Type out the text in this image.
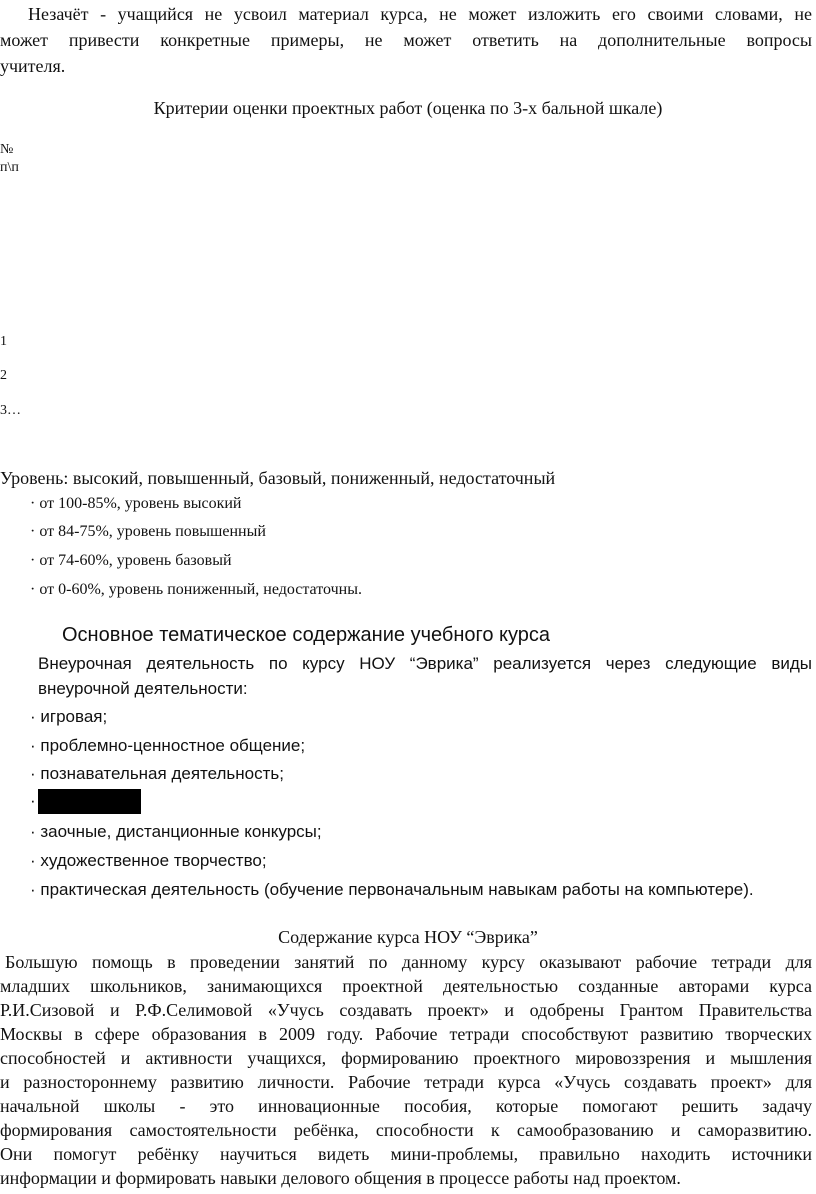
Незачёт - учащийся не усвоил материал курса, не может изложить его своими словами, не
может привести конкретные примеры, не может ответить на дополнительные вопросы
учителя.
Критерии оценки проектных работ (оценка по 3-х бальной шкале)
№
п\п
1
2
3…
Уровень: высокий, повышенный, базовый, пониженный, недостаточный
· от 100-85%, уровень высокий
· от 84-75%, уровень повышенный
· от 74-60%, уровень базовый
· от 0-60%, уровень пониженный, недостаточны.
Основное тематическое содержание учебного курса
Внеурочная деятельность по курсу НОУ “Эврика” реализуется через следующие виды
внеурочной деятельности:
· игровая;
· проблемно-ценностное общение;
· познавательная деятельность;
·
· заочные, дистанционные конкурсы;
· художественное творчество;
· практическая деятельность (обучение первоначальным навыкам работы на компьютере).
Содержание курса НОУ “Эврика”
Большую помощь в проведении занятий по данному курсу оказывают рабочие тетради для
младших школьников, занимающихся проектной деятельностью созданные авторами курса
Р.И.Сизовой и Р.Ф.Селимовой «Учусь создавать проект» и одобрены Грантом Правительства
Москвы в сфере образования в 2009 году. Рабочие тетради способствуют развитию творческих
способностей и активности учащихся, формированию проектного мировоззрения и мышления
и разностороннему развитию личности. Рабочие тетради курса «Учусь создавать проект» для
начальной школы - это инновационные пособия, которые помогают решить задачу
формирования самостоятельности ребёнка, способности к самообразованию и саморазвитию.
Они помогут ребёнку научиться видеть мини-проблемы, правильно находить источники
информации и формировать навыки делового общения в процессе работы над проектом.
